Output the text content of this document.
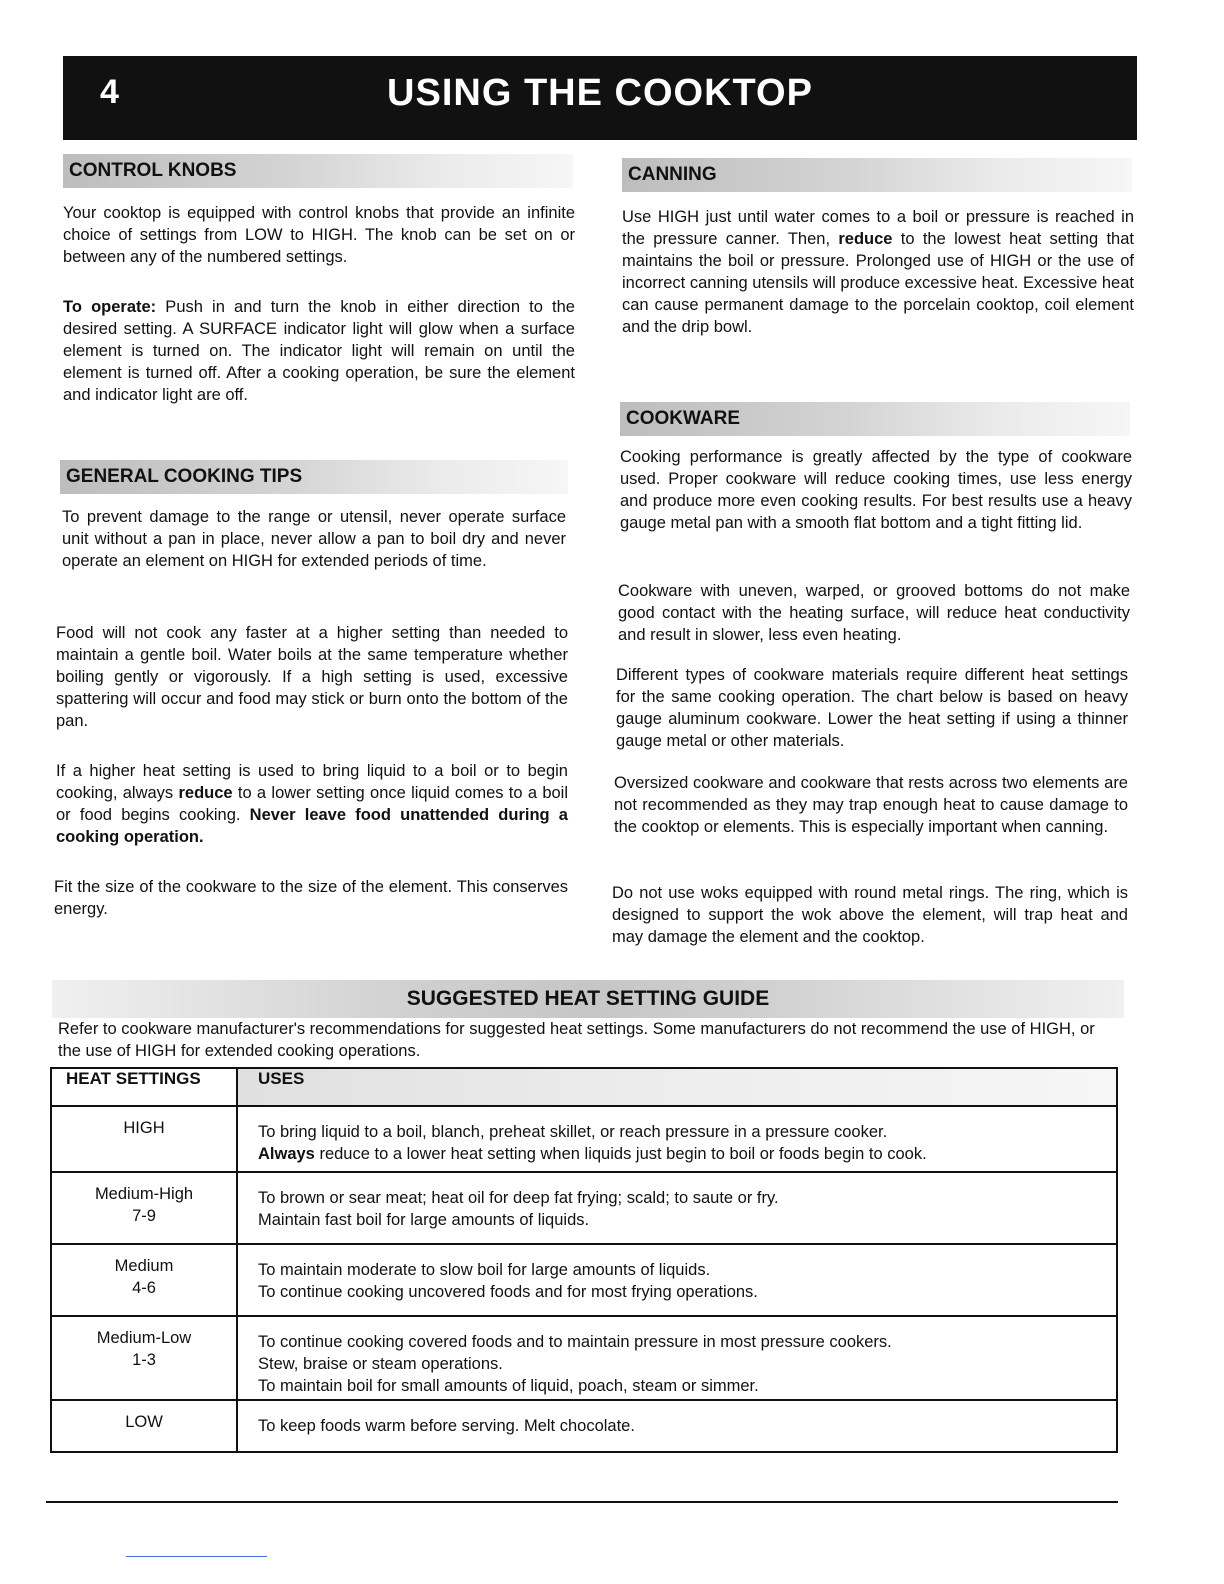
4	USING THE COOKTOP
CONTROL KNOBS

Your cooktop is equipped with control knobs that provide an infinite choice of settings from LOW to HIGH. The knob can be set on or between any of the numbered settings.

To operate: Push in and turn the knob in either direction to the desired setting. A SURFACE indicator light will glow when a surface element is turned on. The indicator light will remain on until the element is turned off. After a cooking operation, be sure the element and indicator light are off.

GENERAL COOKING TIPS

To prevent damage to the range or utensil, never operate surface unit without a pan in place, never allow a pan to boil dry and never operate an element on HIGH for extended periods of time.

Food will not cook any faster at a higher setting than needed to maintain a gentle boil. Water boils at the same temperature whether boiling gently or vigorously. If a high setting is used, excessive spattering will occur and food may stick or burn onto the bottom of the pan.

If a higher heat setting is used to bring liquid to a boil or to begin cooking, always reduce to a lower setting once liquid comes to a boil or food begins cooking. Never leave food unattended during a cooking operation.

Fit the size of the cookware to the size of the element. This conserves energy.

CANNING

Use HIGH just until water comes to a boil or pressure is reached in the pressure canner. Then, reduce to the lowest heat setting that maintains the boil or pressure. Prolonged use of HIGH or the use of incorrect canning utensils will produce excessive heat. Excessive heat can cause permanent damage to the porcelain cooktop, coil element and the drip bowl.

COOKWARE

Cooking performance is greatly affected by the type of cookware used. Proper cookware will reduce cooking times, use less energy and produce more even cooking results. For best results use a heavy gauge metal pan with a smooth flat bottom and a tight fitting lid.

Cookware with uneven, warped, or grooved bottoms do not make good contact with the heating surface, will reduce heat conductivity and result in slower, less even heating.

Different types of cookware materials require different heat settings for the same cooking operation. The chart below is based on heavy gauge aluminum cookware. Lower the heat setting if using a thinner gauge metal or other materials.

Oversized cookware and cookware that rests across two elements are not recommended as they may trap enough heat to cause damage to the cooktop or elements. This is especially important when canning.

Do not use woks equipped with round metal rings. The ring, which is designed to support the wok above the element, will trap heat and may damage the element and the cooktop.

SUGGESTED HEAT SETTING GUIDE

Refer to cookware manufacturer's recommendations for suggested heat settings. Some manufacturers do not recommend the use of HIGH, or the use of HIGH for extended cooking operations.

HEAT SETTINGS	USES

HIGH	To bring liquid to a boil, blanch, preheat skillet, or reach pressure in a pressure cooker.
Always reduce to a lower heat setting when liquids just begin to boil or foods begin to cook.

Medium-High
7-9	To brown or sear meat; heat oil for deep fat frying; scald; to saute or fry.
Maintain fast boil for large amounts of liquids.

Medium
4-6	To maintain moderate to slow boil for large amounts of liquids.
To continue cooking uncovered foods and for most frying operations.

Medium-Low
1-3	To continue cooking covered foods and to maintain pressure in most pressure cookers.
Stew, braise or steam operations.
To maintain boil for small amounts of liquid, poach, steam or simmer.

LOW	To keep foods warm before serving. Melt chocolate.
